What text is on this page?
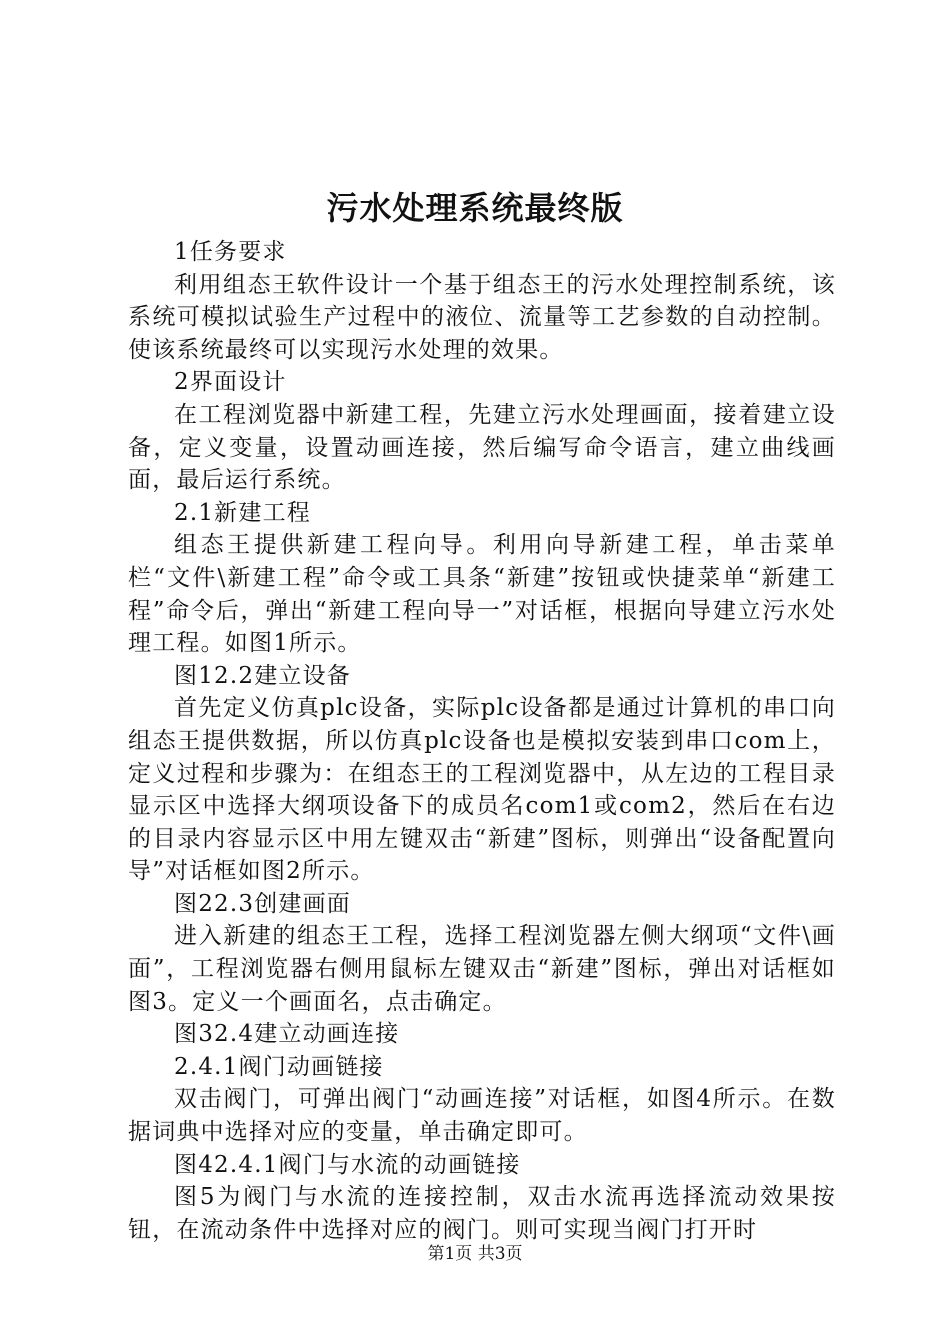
污水处理系统最终版

1任务要求

利用组态王软件设计一个基于组态王的污水处理控制系统，该系统可模拟试验生产过程中的液位、流量等工艺参数的自动控制。使该系统最终可以实现污水处理的效果。

2界面设计

在工程浏览器中新建工程，先建立污水处理画面，接着建立设备，定义变量，设置动画连接，然后编写命令语言，建立曲线画面，最后运行系统。

2.1新建工程

组态王提供新建工程向导。利用向导新建工程，单击菜单栏“文件\新建工程”命令或工具条“新建”按钮或快捷菜单“新建工程”命令后，弹出“新建工程向导一”对话框，根据向导建立污水处理工程。如图1所示。

图12.2建立设备

首先定义仿真plc设备，实际plc设备都是通过计算机的串口向组态王提供数据，所以仿真plc设备也是模拟安装到串口com上，定义过程和步骤为：在组态王的工程浏览器中，从左边的工程目录显示区中选择大纲项设备下的成员名com1或com2，然后在右边的目录内容显示区中用左键双击“新建”图标，则弹出“设备配置向导”对话框如图2所示。

图22.3创建画面

进入新建的组态王工程，选择工程浏览器左侧大纲项“文件\画面”，工程浏览器右侧用鼠标左键双击“新建”图标，弹出对话框如图3。定义一个画面名，点击确定。

图32.4建立动画连接

2.4.1阀门动画链接

双击阀门，可弹出阀门“动画连接”对话框，如图4所示。在数据词典中选择对应的变量，单击确定即可。

图42.4.1阀门与水流的动画链接

图5为阀门与水流的连接控制，双击水流再选择流动效果按钮，在流动条件中选择对应的阀门。则可实现当阀门打开时

第1页 共3页
